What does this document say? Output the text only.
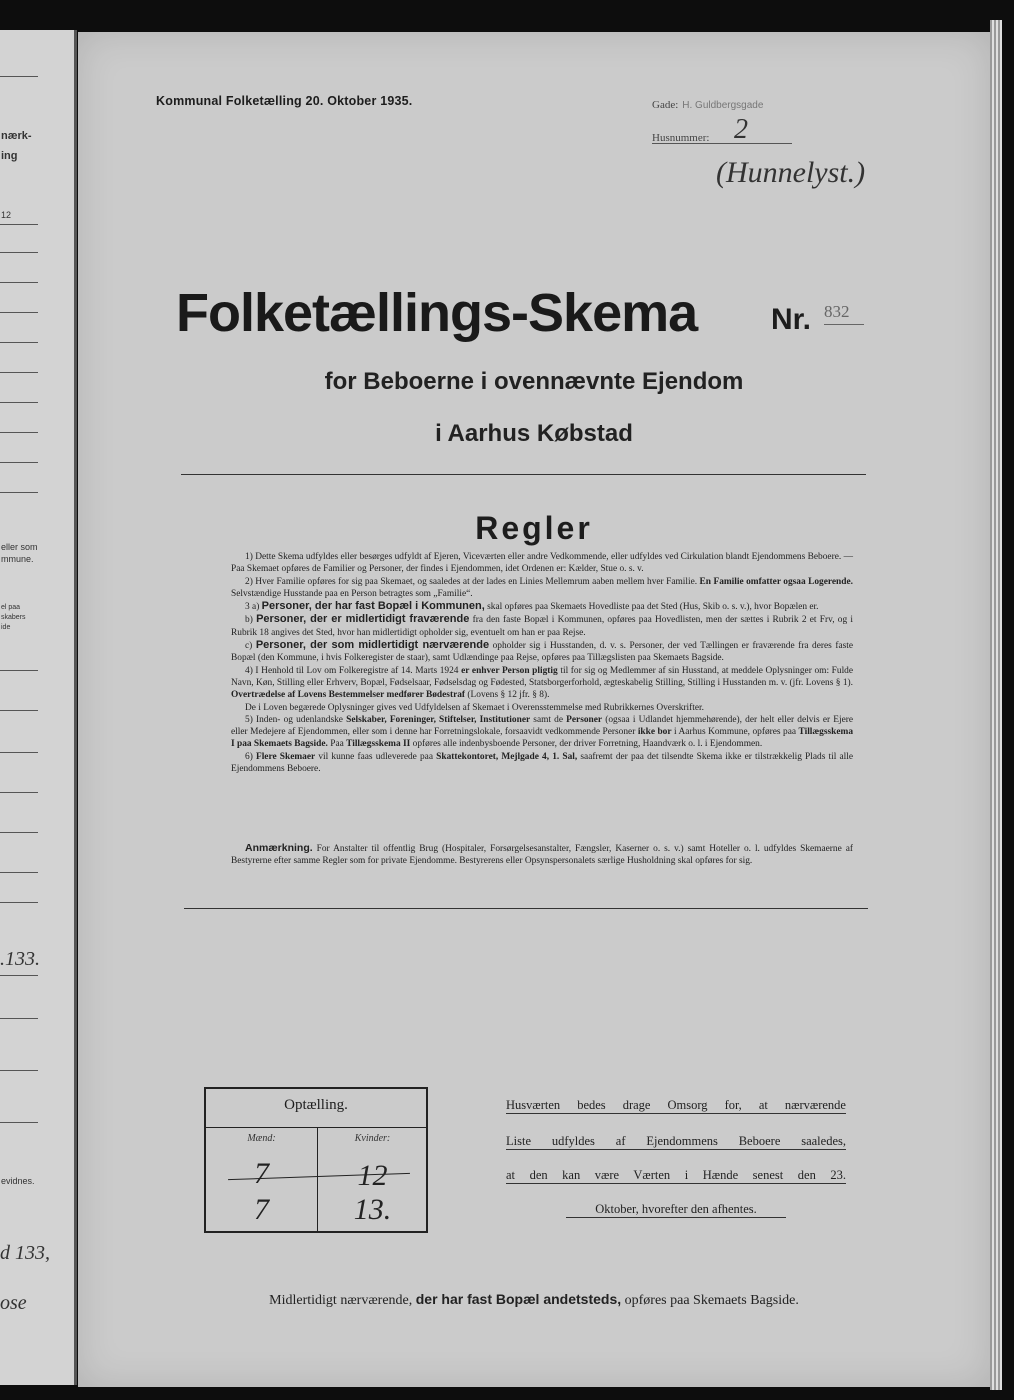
nærk-
ing
12
eller som
mmune.
el paa
skabers
ide
.133.
evidnes.
d 133,
ose
Kommunal Folketælling 20. Oktober 1935.	Gade: H. Guldbergsgade
Husnummer: 2
(Hunnelyst.)
Folketællings-Skema Nr. 832
for Beboerne i ovennævnte Ejendom
i Aarhus Købstad
Regler

1) Dette Skema udfyldes eller besørges udfyldt af Ejeren, Viceværten eller andre Vedkommende, eller udfyldes ved Cirkulation blandt Ejendommens Beboere. — Paa Skemaet opføres de Familier og Personer, der findes i Ejendommen, idet Ordenen er: Kælder, Stue o. s. v.

2) Hver Familie opføres for sig paa Skemaet, og saaledes at der lades en Linies Mellemrum aaben mellem hver Familie. En Familie omfatter ogsaa Logerende. Selvstændige Husstande paa en Person betragtes som „Familie“.

3 a) Personer, der har fast Bopæl i Kommunen, skal opføres paa Skemaets Hovedliste paa det Sted (Hus, Skib o. s. v.), hvor Bopælen er.

b) Personer, der er midlertidigt fraværende fra den faste Bopæl i Kommunen, opføres paa Hovedlisten, men der sættes i Rubrik 2 et Frv, og i Rubrik 18 angives det Sted, hvor han midlertidigt opholder sig, eventuelt om han er paa Rejse.

c) Personer, der som midlertidigt nærværende opholder sig i Husstanden, d. v. s. Personer, der ved Tællingen er fraværende fra deres faste Bopæl (den Kommune, i hvis Folkeregister de staar), samt Udlændinge paa Rejse, opføres paa Tillægslisten paa Skemaets Bagside.

4) I Henhold til Lov om Folkeregistre af 14. Marts 1924 er enhver Person pligtig til for sig og Medlemmer af sin Husstand, at meddele Oplysninger om: Fulde Navn, Køn, Stilling eller Erhverv, Bopæl, Fødselsaar, Fødselsdag og Fødested, Statsborgerforhold, ægteskabelig Stilling, Stilling i Husstanden m. v. (jfr. Lovens § 1). Overtrædelse af Lovens Bestemmelser medfører Bødestraf (Lovens § 12 jfr. § 8).

De i Loven begærede Oplysninger gives ved Udfyldelsen af Skemaet i Overensstemmelse med Rubrikkernes Overskrifter.

5) Inden- og udenlandske Selskaber, Foreninger, Stiftelser, Institutioner samt de Personer (ogsaa i Udlandet hjemmehørende), der helt eller delvis er Ejere eller Medejere af Ejendommen, eller som i denne har Forretningslokale, forsaavidt vedkommende Personer ikke bor i Aarhus Kommune, opføres paa Tillægsskema I paa Skemaets Bagside. Paa Tillægsskema II opføres alle indenbysboende Personer, der driver Forretning, Haandværk o. l. i Ejendommen.

6) Flere Skemaer vil kunne faas udleverede paa Skattekontoret, Mejlgade 4, 1. Sal, saafremt der paa det tilsendte Skema ikke er tilstrækkelig Plads til alle Ejendommens Beboere.

Anmærkning. For Anstalter til offentlig Brug (Hospitaler, Forsørgelsesanstalter, Fængsler, Kaserner o. s. v.) samt Hoteller o. l. udfyldes Skemaerne af Bestyrerne efter samme Regler som for private Ejendomme. Bestyrerens eller Opsynspersonalets særlige Husholdning skal opføres for sig.

Optælling.
Mænd:	Kvinder:
7	12
7	13.
Husværten bedes drage Omsorg for, at nærværende
Liste udfyldes af Ejendommens Beboere saaledes,
at den kan være Værten i Hænde senest den 23.
Oktober, hvorefter den afhentes.
Midlertidigt nærværende, der har fast Bopæl andetsteds, opføres paa Skemaets Bagside.
